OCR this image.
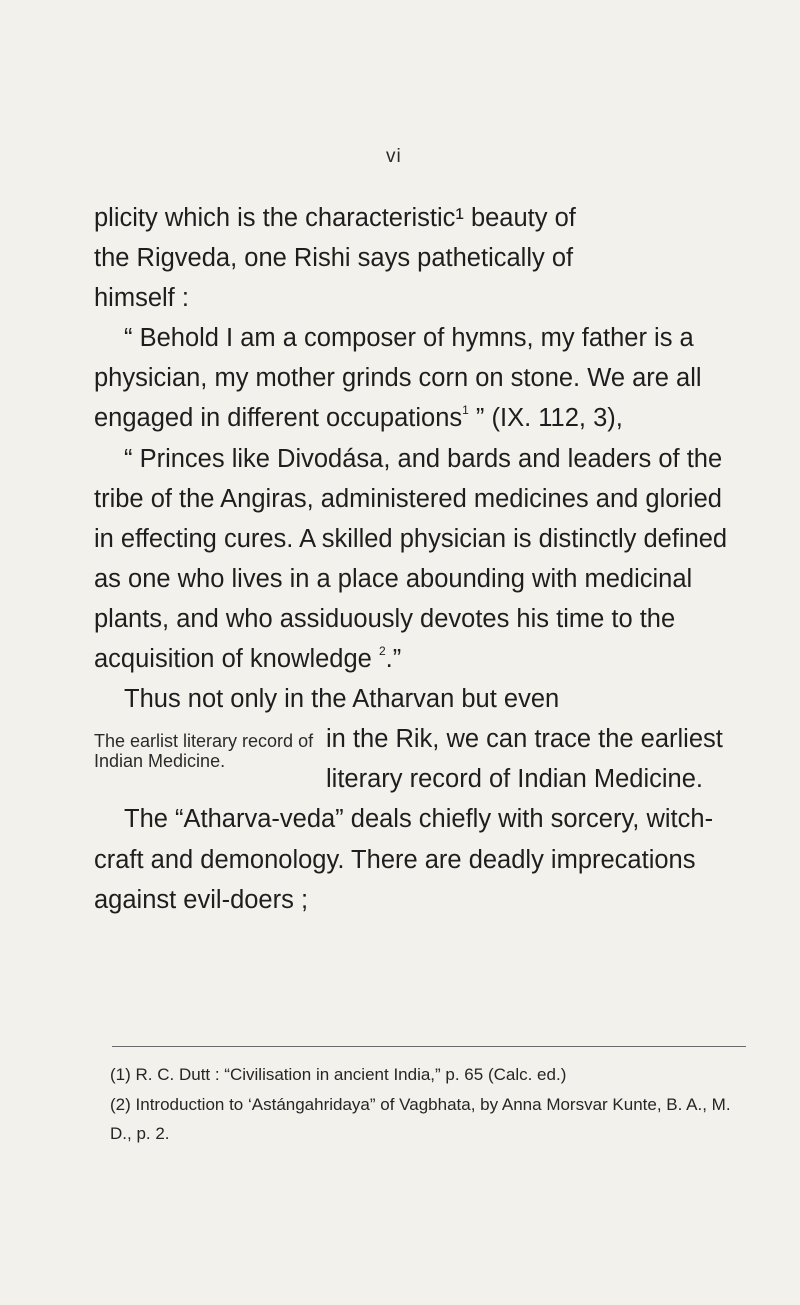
vi

plicity which is the characteristic¹ beauty of
the Rigveda, one Rishi says pathetically of
himself :

“ Behold I am a composer of hymns, my father is a physician, my mother grinds corn on stone. We are all engaged in different occupations$^1$ ” (IX. 112, 3),

“ Princes like Divodása, and bards and leaders of the tribe of the Angiras, administered medicines and gloried in effecting cures. A skilled physician is distinctly defined as one who lives in a place abounding with medicinal plants, and who assiduously devotes his time to the acquisition of knowledge $^2$.”

Thus not only in the Atharvan but even

The earlist literary record of Indian Medicine.
in the Rik, we can trace the earliest literary record of Indian Medicine.

The “Atharva-veda” deals chiefly with sorcery, witch-craft and demonology. There are deadly imprecations against evil-doers ;

(1) R. C. Dutt : “Civilisation in ancient India,” p. 65 (Calc. ed.)

(2) Introduction to ‘Astángahridaya” of Vagbhata, by Anna Morsvar Kunte, B. A., M. D., p. 2.
